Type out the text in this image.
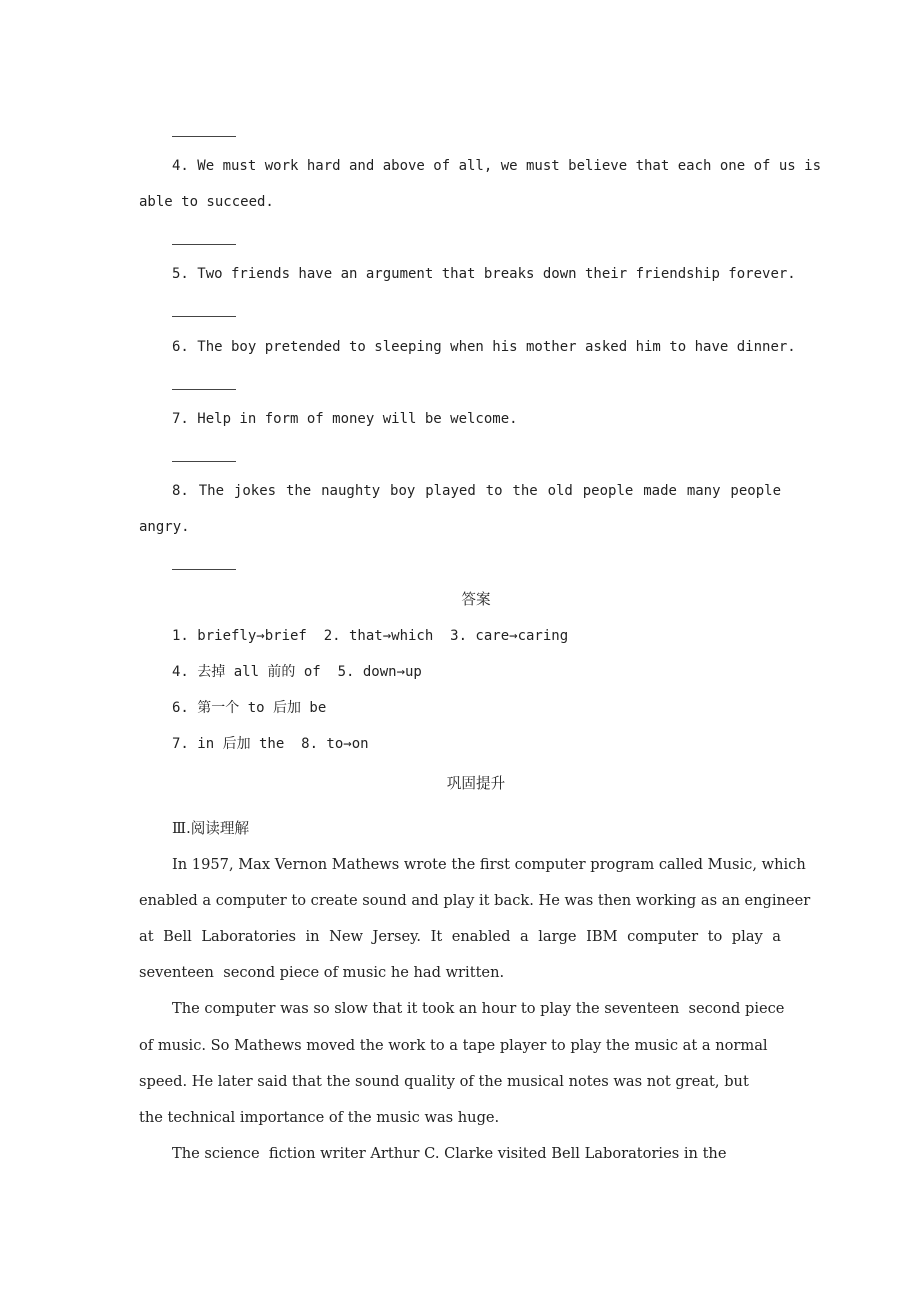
4. We must work hard and above of all, we must believe that each one of us is
able to succeed.
5. Two friends have an argument that breaks down their friendship forever.
6. The boy pretended to sleeping when his mother asked him to have dinner.
7. Help in form of money will be welcome.
8. The jokes the naughty boy played to the old people made many people
angry.
答案
1. briefly→brief  2. that→which  3. care→caring
4. 去掉 all 前的 of  5. down→up
6. 第一个 to 后加 be
7. in 后加 the  8. to→on
巩固提升
Ⅲ.阅读理解
In 1957, Max Vernon Mathews wrote the first computer program called Music, which
enabled a computer to create sound and play it back. He was then working as an engineer
at Bell Laboratories in New Jersey. It enabled a large IBM computer to play a
seventeen  second piece of music he had written.
The computer was so slow that it took an hour to play the seventeen  second piece
of music. So Mathews moved the work to a tape player to play the music at a normal
speed. He later said that the sound quality of the musical notes was not great, but
the technical importance of the music was huge.
The science  fiction writer Arthur C. Clarke visited Bell Laboratories in the
